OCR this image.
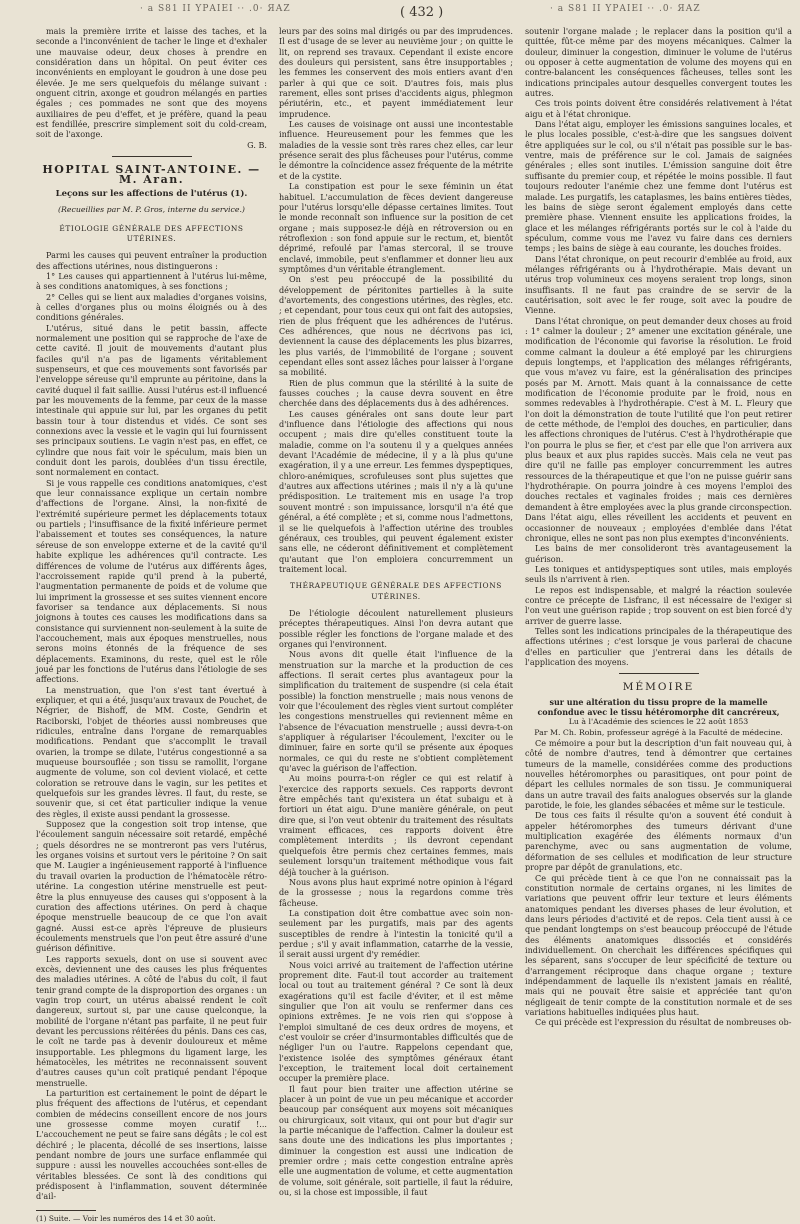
· a S81 ΙΙ ΥΡΑΙΕΙ ·· .0· ЯАZ	( 432 )	· a S81 ΙΙ ΥΡΑΙΕΙ ·· .0· ЯАZ

mais la première irrite et laisse des taches, et la seconde a l'inconvénient de tacher le linge et d'exhaler une mauvaise odeur, deux choses à prendre en considération dans un hôpital. On peut éviter ces inconvénients en employant le goudron à une dose peu élevée. Je me sers quelquefois du mélange suivant : onguent citrin, axonge et goudron mélangés en parties égales ; ces pommades ne sont que des moyens auxiliaires de peu d'effet, et je préfère, quand la peau est fendillée, prescrire simplement soit du cold-cream, soit de l'axonge.

G. B.

HOPITAL SAINT-ANTOINE. — M. Aran.
Leçons sur les affections de l'utérus (1).
(Recueillies par M. P. Gros, interne du service.)
ÉTIOLOGIE GÉNÉRALE DES AFFECTIONS UTÉRINES.

Parmi les causes qui peuvent entraîner la production des affections utérines, nous distinguerons :

1° Les causes qui appartiennent à l'utérus lui-même, à ses conditions anatomiques, à ses fonctions ;

2° Celles qui se lient aux maladies d'organes voisins, à celles d'organes plus ou moins éloignés ou à des conditions générales.

L'utérus, situé dans le petit bassin, affecte normalement une position qui se rapproche de l'axe de cette cavité. Il jouit de mouvements d'autant plus faciles qu'il n'a pas de ligaments véritablement suspenseurs, et que ces mouvements sont favorisés par l'enveloppe séreuse qu'il emprunte au péritoine, dans la cavité duquel il fait saillie. Aussi l'utérus est-il influencé par les mouvements de la femme, par ceux de la masse intestinale qui appuie sur lui, par les organes du petit bassin tour à tour distendus et vidés. Ce sont ses connexions avec la vessie et le vagin qui lui fournissent ses principaux soutiens. Le vagin n'est pas, en effet, ce cylindre que nous fait voir le spéculum, mais bien un conduit dont les parois, doublées d'un tissu érectile, sont normalement en contact.

Si je vous rappelle ces conditions anatomiques, c'est que leur connaissance explique un certain nombre d'affections de l'organe. Ainsi, la non-fixité de l'extrémité supérieure permet les déplacements totaux ou partiels ; l'insuffisance de la fixité inférieure permet l'abaissement et toutes ses conséquences, la nature séreuse de son enveloppe externe et de la cavité qu'il habite explique les adhérences qu'il contracte. Les différences de volume de l'utérus aux différents âges, l'accroissement rapide qu'il prend à la puberté, l'augmentation permanente de poids et de volume que lui impriment la grossesse et ses suites viennent encore favoriser sa tendance aux déplacements. Si nous joignons à toutes ces causes les modifications dans sa consistance qui surviennent non-seulement à la suite de l'accouchement, mais aux époques menstruelles, nous serons moins étonnés de la fréquence de ses déplacements. Examinons, du reste, quel est le rôle joué par les fonctions de l'utérus dans l'étiologie de ses affections.

La menstruation, que l'on s'est tant évertué à expliquer, et qui a été, jusqu'aux travaux de Pouchet, de Négrier, de Bishoff, de MM. Coste, Gendrin et Raciborski, l'objet de théories aussi nombreuses que ridicules, entraîne dans l'organe de remarquables modifications. Pendant que s'accomplit le travail ovarien, la trompe se dilate, l'utérus congestionné a sa muqueuse boursouflée ; son tissu se ramollit, l'organe augmente de volume, son col devient violacé, et cette coloration se retrouve dans le vagin, sur les petites et quelquefois sur les grandes lèvres. Il faut, du reste, se souvenir que, si cet état particulier indique la venue des règles, il existe aussi pendant la grossesse.

Supposez que la congestion soit trop intense, que l'écoulement sanguin nécessaire soit retardé, empêché ; quels désordres ne se montreront pas vers l'utérus, les organes voisins et surtout vers le péritoine ? On sait que M. Laugier a ingénieusement rapporté à l'influence du travail ovarien la production de l'hématocèle rétro-utérine. La congestion utérine menstruelle est peut-être la plus ennuyeuse des causes qui s'opposent à la curation des affections utérines. On perd à chaque époque menstruelle beaucoup de ce que l'on avait gagné. Aussi est-ce après l'épreuve de plusieurs écoulements menstruels que l'on peut être assuré d'une guérison définitive.

Les rapports sexuels, dont on use si souvent avec excès, deviennent une des causes les plus fréquentes des maladies utérines. A côté de l'abus du coït, il faut tenir grand compte de la disproportion des organes : un vagin trop court, un utérus abaissé rendent le coït dangereux, surtout si, par une cause quelconque, la mobilité de l'organe n'étant pas parfaite, il ne peut fuir devant les percussions réitérées du pénis. Dans ces cas, le coït ne tarde pas à devenir douloureux et même insupportable. Les phlegmons du ligament large, les hématocèles, les métrites ne reconnaissent souvent d'autres causes qu'un coït pratiqué pendant l'époque menstruelle.

La parturition est certainement le point de départ le plus fréquent des affections de l'utérus, et cependant combien de médecins conseillent encore de nos jours une grossesse comme moyen curatif !... L'accouchement ne peut se faire sans dégâts ; le col est déchiré ; le placenta, décollé de ses insertions, laisse pendant nombre de jours une surface enflammée qui suppure : aussi les nouvelles accouchées sont-elles de véritables blessées. Ce sont là des conditions qui prédisposent à l'inflammation, souvent déterminée d'ail-

(1) Suite. — Voir les numéros des 14 et 30 août.

leurs par des soins mal dirigés ou par des imprudences. Il est d'usage de se lever au neuvième jour ; on quitte le lit, on reprend ses travaux. Cependant il existe encore des douleurs qui persistent, sans être insupportables ; les femmes les conservent des mois entiers avant d'en parler à qui que ce soit. D'autres fois, mais plus rarement, elles sont prises d'accidents aigus, phlegmon périutérin, etc., et payent immédiatement leur imprudence.

Les causes de voisinage ont aussi une incontestable influence. Heureusement pour les femmes que les maladies de la vessie sont très rares chez elles, car leur présence serait des plus fâcheuses pour l'utérus, comme le démontre la coïncidence assez fréquente de la métrite et de la cystite.

La constipation est pour le sexe féminin un état habituel. L'accumulation de fèces devient dangereuse pour l'utérus lorsqu'elle dépasse certaines limites. Tout le monde reconnaît son influence sur la position de cet organe ; mais supposez-le déjà en rétroversion ou en rétroflexion : son fond appuie sur le rectum, et, bientôt déprimé, refoulé par l'amas stercoral, il se trouve enclavé, immobile, peut s'enflammer et donner lieu aux symptômes d'un véritable étranglement.

On s'est peu préoccupé de la possibilité du développement de péritonites partielles à la suite d'avortements, des congestions utérines, des règles, etc. ; et cependant, pour tous ceux qui ont fait des autopsies, rien de plus fréquent que les adhérences de l'utérus. Ces adhérences, que nous ne décrivons pas ici, deviennent la cause des déplacements les plus bizarres, les plus variés, de l'immobilité de l'organe ; souvent cependant elles sont assez lâches pour laisser à l'organe sa mobilité.

Rien de plus commun que la stérilité à la suite de fausses couches ; la cause devra souvent en être cherchée dans des déplacements dus à des adhérences.

Les causes générales ont sans doute leur part d'influence dans l'étiologie des affections qui nous occupent ; mais dire qu'elles constituent toute la maladie, comme on l'a soutenu il y a quelques années devant l'Académie de médecine, il y a là plus qu'une exagération, il y a une erreur. Les femmes dyspeptiques, chloro-anémiques, scrofuleuses sont plus sujettes que d'autres aux affections utérines ; mais il n'y a là qu'une prédisposition. Le traitement mis en usage l'a trop souvent montré : son impuissance, lorsqu'il n'a été que général, a été complète ; et si, comme nous l'admettons, il se lie quelquefois à l'affection utérine des troubles généraux, ces troubles, qui peuvent également exister sans elle, ne céderont définitivement et complètement qu'autant que l'on emploiera concurremment un traitement local.

THÉRAPEUTIQUE GÉNÉRALE DES AFFECTIONS UTÉRINES.

De l'étiologie découlent naturellement plusieurs préceptes thérapeutiques. Ainsi l'on devra autant que possible régler les fonctions de l'organe malade et des organes qui l'environnent.

Nous avons dit quelle était l'influence de la menstruation sur la marche et la production de ces affections. Il serait certes plus avantageux pour la simplification du traitement de suspendre (si cela était possible) la fonction menstruelle ; mais nous venons de voir que l'écoulement des règles vient surtout compléter les congestions menstruelles qui reviennent même en l'absence de l'évacuation menstruelle ; aussi devra-t-on s'appliquer à régulariser l'écoulement, l'exciter ou le diminuer, faire en sorte qu'il se présente aux époques normales, ce qui du reste ne s'obtient complètement qu'avec la guérison de l'affection.

Au moins pourra-t-on régler ce qui est relatif à l'exercice des rapports sexuels. Ces rapports devront être empêchés tant qu'existera un état subaigu et à fortiori un état aigu. D'une manière générale, on peut dire que, si l'on veut obtenir du traitement des résultats vraiment efficaces, ces rapports doivent être complètement interdits ; ils devront cependant quelquefois être permis chez certaines femmes, mais seulement lorsqu'un traitement méthodique vous fait déjà toucher à la guérison.

Nous avons plus haut exprimé notre opinion à l'égard de la grossesse ; nous la regardons comme très fâcheuse.

La constipation doit être combattue avec soin non-seulement par les purgatifs, mais par des agents susceptibles de rendre à l'intestin la tonicité qu'il a perdue ; s'il y avait inflammation, catarrhe de la vessie, il serait aussi urgent d'y remédier.

Nous voici arrivé au traitement de l'affection utérine proprement dite. Faut-il tout accorder au traitement local ou tout au traitement général ? Ce sont là deux exagérations qu'il est facile d'éviter, et il est même singulier que l'on ait voulu se renfermer dans ces opinions extrêmes. Je ne vois rien qui s'oppose à l'emploi simultané de ces deux ordres de moyens, et c'est vouloir se créer d'insurmontables difficultés que de négliger l'un ou l'autre. Rappelons cependant que, l'existence isolée des symptômes généraux étant l'exception, le traitement local doit certainement occuper la première place.

Il faut pour bien traiter une affection utérine se placer à un point de vue un peu mécanique et accorder beaucoup par conséquent aux moyens soit mécaniques ou chirurgicaux, soit vitaux, qui ont pour but d'agir sur la partie mécanique de l'affection. Calmer la douleur est sans doute une des indications les plus importantes ; diminuer la congestion est aussi une indication de premier ordre ; mais cette congestion entraîne après elle une augmentation de volume, et cette augmentation de volume, soit générale, soit partielle, il faut la réduire, ou, si la chose est impossible, il faut

soutenir l'organe malade ; le replacer dans la position qu'il a quittée, fût-ce même par des moyens mécaniques. Calmer la douleur, diminuer la congestion, diminuer le volume de l'utérus ou opposer à cette augmentation de volume des moyens qui en contre-balancent les conséquences fâcheuses, telles sont les indications principales autour desquelles convergent toutes les autres.

Ces trois points doivent être considérés relativement à l'état aigu et à l'état chronique.

Dans l'état aigu, employer les émissions sanguines locales, et le plus locales possible, c'est-à-dire que les sangsues doivent être appliquées sur le col, ou s'il n'était pas possible sur le bas-ventre, mais de préférence sur le col. Jamais de saignées générales ; elles sont inutiles. L'émission sanguine doit être suffisante du premier coup, et répétée le moins possible. Il faut toujours redouter l'anémie chez une femme dont l'utérus est malade. Les purgatifs, les cataplasmes, les bains entières tièdes, les bains de siège seront également employés dans cette première phase. Viennent ensuite les applications froides, la glace et les mélanges réfrigérants portés sur le col à l'aide du spéculum, comme vous me l'avez vu faire dans ces derniers temps ; les bains de siège à eau courante, les douches froides.

Dans l'état chronique, on peut recourir d'emblée au froid, aux mélanges réfrigérants ou à l'hydrothérapie. Mais devant un utérus trop volumineux ces moyens seraient trop longs, sinon insuffisants. Il ne faut pas craindre de se servir de la cautérisation, soit avec le fer rouge, soit avec la poudre de Vienne.

Dans l'état chronique, on peut demander deux choses au froid : 1° calmer la douleur ; 2° amener une excitation générale, une modification de l'économie qui favorise la résolution. Le froid comme calmant la douleur a été employé par les chirurgiens depuis longtemps, et l'application des mélanges réfrigérants, que vous m'avez vu faire, est la généralisation des principes posés par M. Arnott. Mais quant à la connaissance de cette modification de l'économie produite par le froid, nous en sommes redevables à l'hydrothérapie. C'est à M. L. Fleury que l'on doit la démonstration de toute l'utilité que l'on peut retirer de cette méthode, de l'emploi des douches, en particulier, dans les affections chroniques de l'utérus. C'est à l'hydrothérapie que l'on pourra le plus se fier, et c'est par elle que l'on arrivera aux plus beaux et aux plus rapides succès. Mais cela ne veut pas dire qu'il ne faille pas employer concurremment les autres ressources de la thérapeutique et que l'on ne puisse guérir sans l'hydrothérapie. On pourra joindre à ces moyens l'emploi des douches rectales et vaginales froides ; mais ces dernières demandent à être employées avec la plus grande circonspection. Dans l'état aigu, elles réveillent les accidents et peuvent en occasionner de nouveaux ; employées d'emblée dans l'état chronique, elles ne sont pas non plus exemptes d'inconvénients.

Les bains de mer consolideront très avantageusement la guérison.

Les toniques et antidyspeptiques sont utiles, mais employés seuls ils n'arrivent à rien.

Le repos est indispensable, et malgré la réaction soulevée contre ce précepte de Lisfranc, il est nécessaire de l'exiger si l'on veut une guérison rapide ; trop souvent on est bien forcé d'y arriver de guerre lasse.

Telles sont les indications principales de la thérapeutique des affections utérines ; c'est lorsque je vous parlerai de chacune d'elles en particulier que j'entrerai dans les détails de l'application des moyens.

MÉMOIRE

sur une altération du tissu propre de la mamelle confondue avec le tissu hétéromorphe dit cancréreux,

Lu à l'Académie des sciences le 22 août 1853

Par M. Ch. Robin, professeur agrégé à la Faculté de médecine.

Ce mémoire a pour but la description d'un fait nouveau qui, à côté de nombre d'autres, tend à démontrer que certaines tumeurs de la mamelle, considérées comme des productions nouvelles hétéromorphes ou parasitiques, ont pour point de départ les cellules normales de son tissu. Je communiquerai dans un autre travail des faits analogues observés sur la glande parotide, le foie, les glandes sébacées et même sur le testicule.

De tous ces faits il résulte qu'on a souvent été conduit à appeler hétéromorphes des tumeurs dérivant d'une multiplication exagérée des éléments normaux d'un parenchyme, avec ou sans augmentation de volume, déformation de ses cellules et modification de leur structure propre par dépôt de granulations, etc.

Ce qui précède tient à ce que l'on ne connaissait pas la constitution normale de certains organes, ni les limites de variations que peuvent offrir leur texture et leurs éléments anatomiques pendant les diverses phases de leur évolution, et dans leurs périodes d'activité et de repos. Cela tient aussi à ce que pendant longtemps on s'est beaucoup préoccupé de l'étude des éléments anatomiques dissociés et considérés individuellement. On cherchait les différences spécifiques qui les séparent, sans s'occuper de leur spécificité de texture ou d'arrangement réciproque dans chaque organe ; texture indépendamment de laquelle ils n'existent jamais en réalité, mais qui ne pouvait être saisie et appréciée tant qu'on négligeait de tenir compte de la constitution normale et de ses variations habituelles indiquées plus haut.

Ce qui précède est l'expression du résultat de nombreuses ob-
